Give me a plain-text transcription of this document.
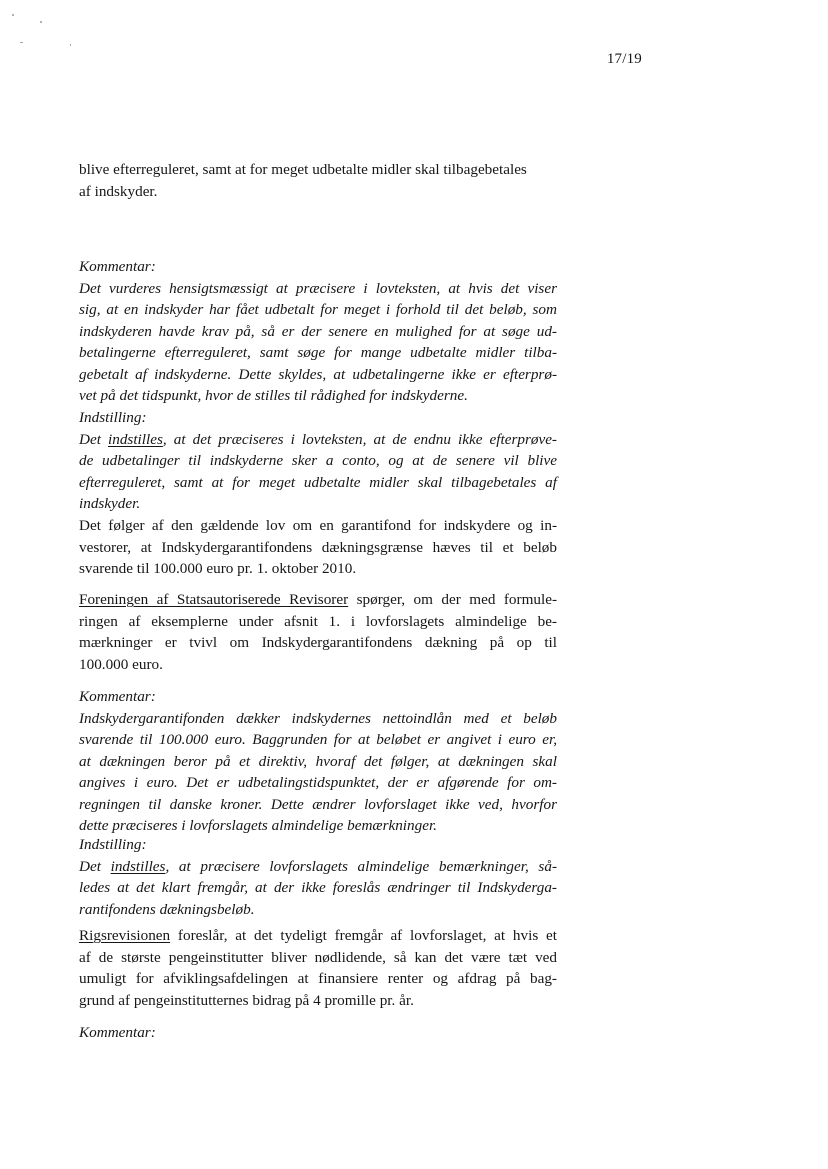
17/19
blive efterreguleret, samt at for meget udbetalte midler skal tilbagebetales
af indskyder.
Kommentar:
Det vurderes hensigtsmæssigt at præcisere i lovteksten, at hvis det viser
sig, at en indskyder har fået udbetalt for meget i forhold til det beløb, som
indskyderen havde krav på, så er der senere en mulighed for at søge ud-
betalingerne efterreguleret, samt søge for mange udbetalte midler tilba-
gebetalt af indskyderne. Dette skyldes, at udbetalingerne ikke er efterprø-
vet på det tidspunkt, hvor de stilles til rådighed for indskyderne.
Indstilling:
Det indstilles, at det præciseres i lovteksten, at de endnu ikke efterprøve-
de udbetalinger til indskyderne sker a conto, og at de senere vil blive
efterreguleret, samt at for meget udbetalte midler skal tilbagebetales af
indskyder.
Det følger af den gældende lov om en garantifond for indskydere og in-
vestorer, at Indskydergarantifondens dækningsgrænse hæves til et beløb
svarende til 100.000 euro pr. 1. oktober 2010.
Foreningen af Statsautoriserede Revisorer spørger, om der med formule-
ringen af eksemplerne under afsnit 1. i lovforslagets almindelige be-
mærkninger er tvivl om Indskydergarantifondens dækning på op til
100.000 euro.
Kommentar:
Indskydergarantifonden dækker indskydernes nettoindlån med et beløb
svarende til 100.000 euro. Baggrunden for at beløbet er angivet i euro er,
at dækningen beror på et direktiv, hvoraf det følger, at dækningen skal
angives i euro. Det er udbetalingstidspunktet, der er afgørende for om-
regningen til danske kroner. Dette ændrer lovforslaget ikke ved, hvorfor
dette præciseres i lovforslagets almindelige bemærkninger.
Indstilling:
Det indstilles, at præcisere lovforslagets almindelige bemærkninger, så-
ledes at det klart fremgår, at der ikke foreslås ændringer til Indskyderga-
rantifondens dækningsbeløb.
Rigsrevisionen foreslår, at det tydeligt fremgår af lovforslaget, at hvis et
af de største pengeinstitutter bliver nødlidende, så kan det være tæt ved
umuligt for afviklingsafdelingen at finansiere renter og afdrag på bag-
grund af pengeinstitutternes bidrag på 4 promille pr. år.
Kommentar:
